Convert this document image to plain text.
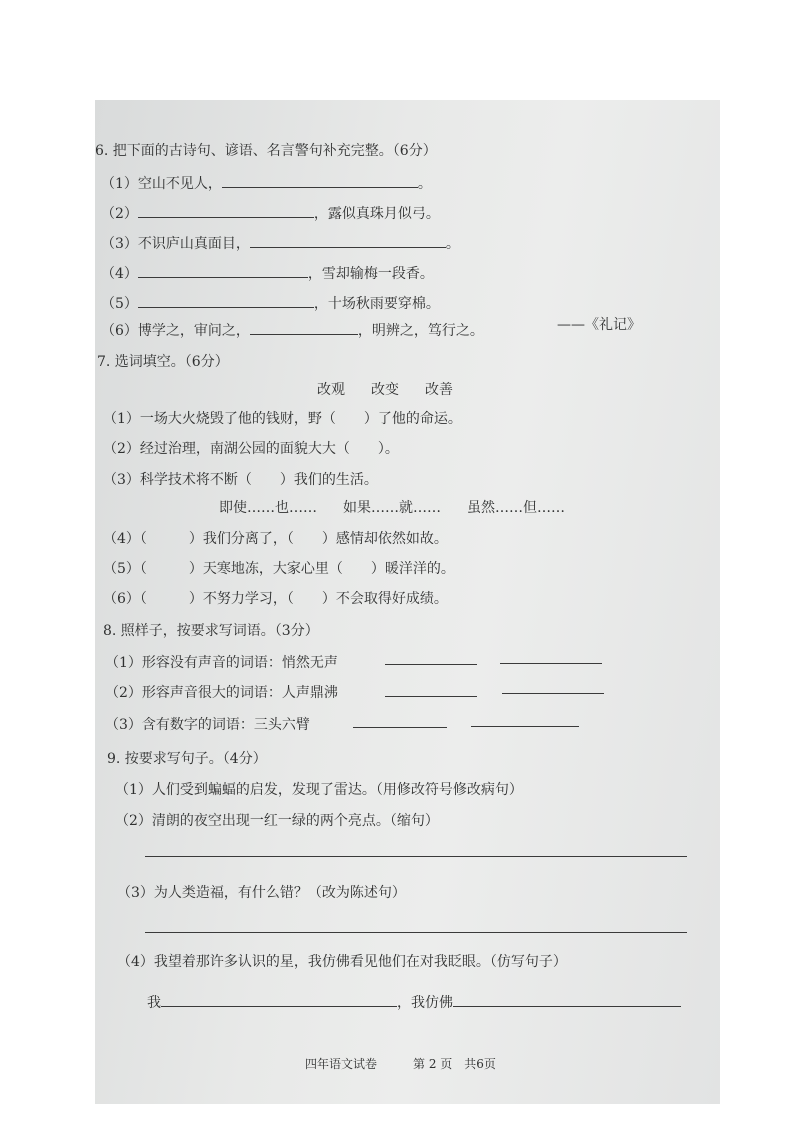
6. 把下面的古诗句、谚语、名言警句补充完整。（6分）
（1）空山不见人，	。
（2）	，露似真珠月似弓。
（3）不识庐山真面目，	。
（4）	，雪却输梅一段香。
（5）	，十场秋雨要穿棉。
（6）博学之，审问之，	，明辨之，笃行之。	——《礼记》
7. 选词填空。（6分）
改观 改变 改善
（1）一场大火烧毁了他的钱财，野（　　）了他的命运。
（2）经过治理，南湖公园的面貌大大（　　）。
（3）科学技术将不断（　　）我们的生活。
即使……也…… 如果……就…… 虽然……但……
（4）（　　　）我们分离了，（　　）感情却依然如故。
（5）（　　　）天寒地冻，大家心里（　　）暖洋洋的。
（6）（　　　）不努力学习，（　　）不会取得好成绩。
8. 照样子，按要求写词语。（3分）
（1）形容没有声音的词语：悄然无声
（2）形容声音很大的词语：人声鼎沸
（3）含有数字的词语：三头六臂
9. 按要求写句子。（4分）
（1）人们受到蝙蝠的启发，发现了雷达。（用修改符号修改病句）
（2）清朗的夜空出现一红一绿的两个亮点。（缩句）
（3）为人类造福，有什么错？（改为陈述句）
（4）我望着那许多认识的星，我仿佛看见他们在对我眨眼。（仿写句子）
我	，我仿佛
四年语文试卷	第 2 页　共6页
